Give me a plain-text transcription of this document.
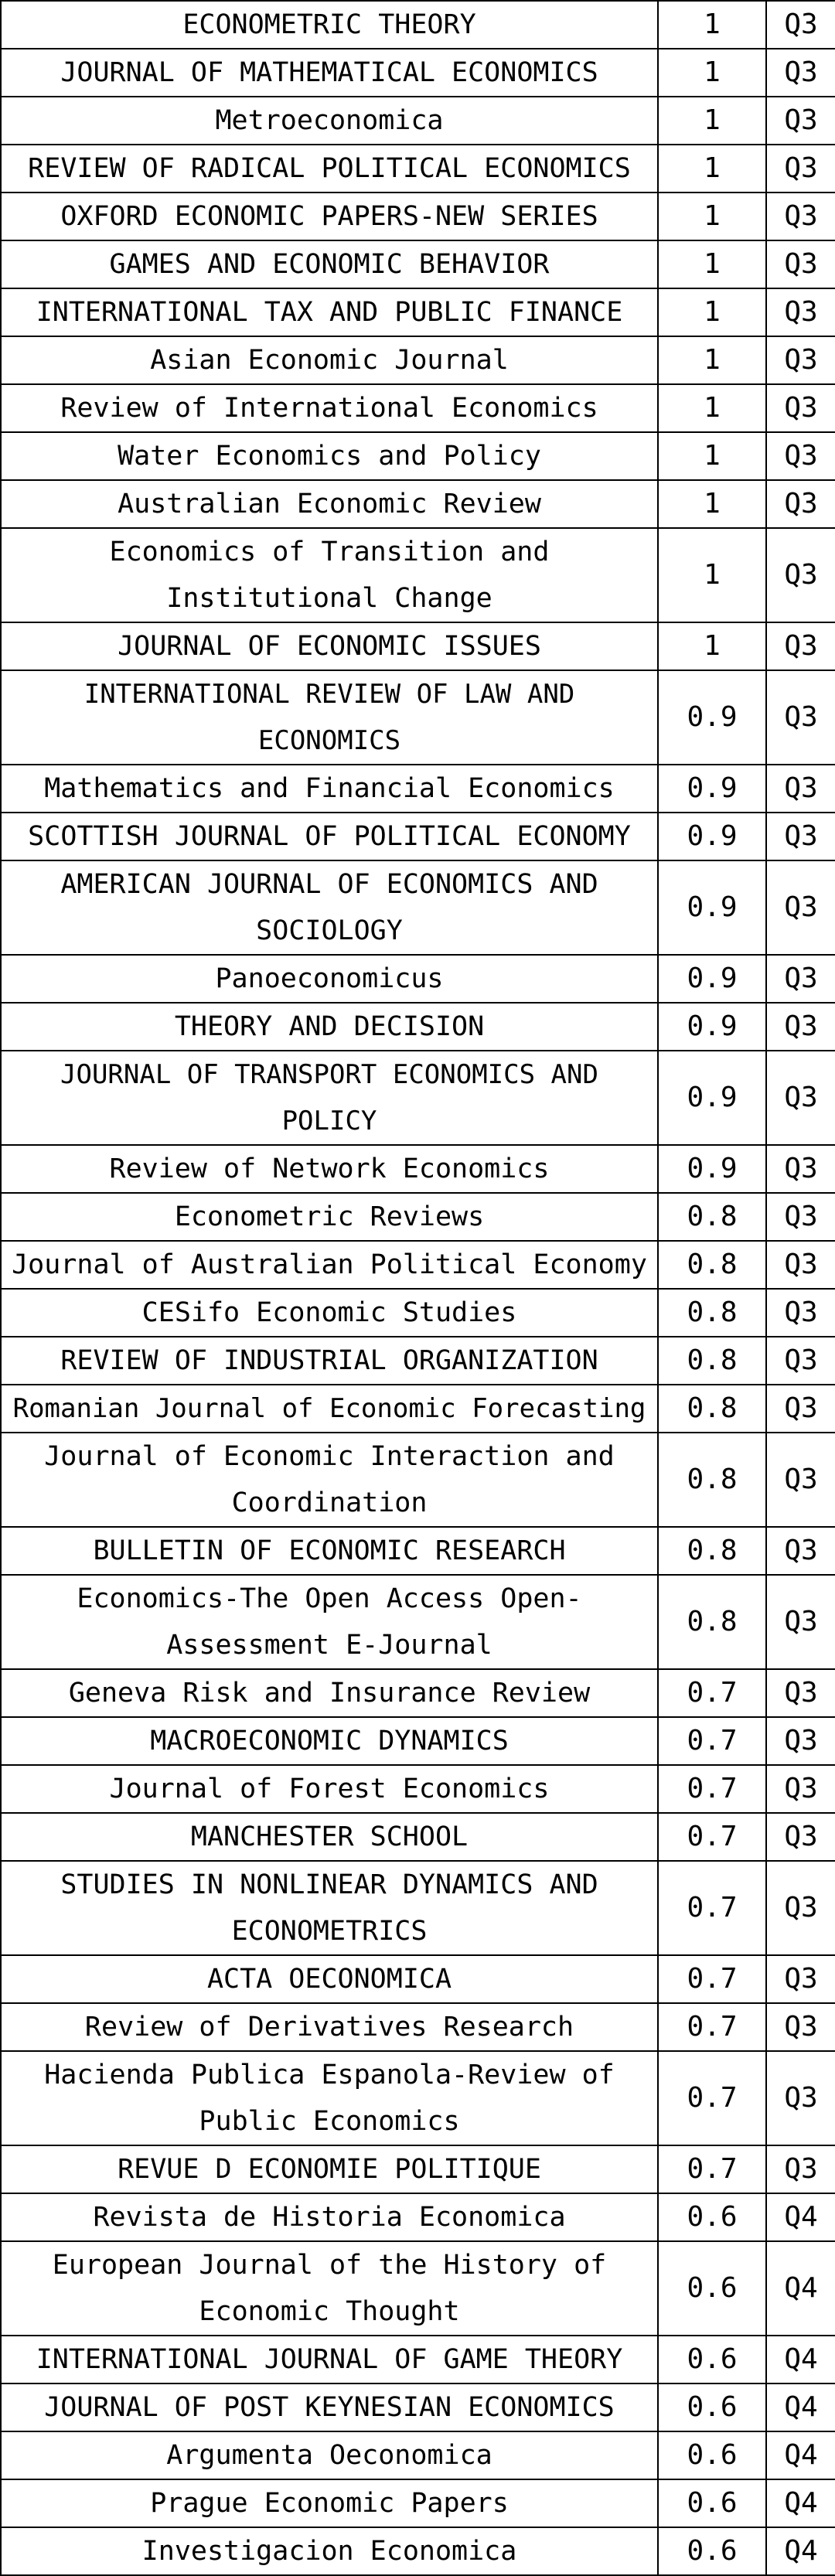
ECONOMETRIC THEORY	1	Q3
JOURNAL OF MATHEMATICAL ECONOMICS	1	Q3
Metroeconomica	1	Q3
REVIEW OF RADICAL POLITICAL ECONOMICS	1	Q3
OXFORD ECONOMIC PAPERS-NEW SERIES	1	Q3
GAMES AND ECONOMIC BEHAVIOR	1	Q3
INTERNATIONAL TAX AND PUBLIC FINANCE	1	Q3
Asian Economic Journal	1	Q3
Review of International Economics	1	Q3
Water Economics and Policy	1	Q3
Australian Economic Review	1	Q3
Economics of Transition and Institutional Change	1	Q3
JOURNAL OF ECONOMIC ISSUES	1	Q3
INTERNATIONAL REVIEW OF LAW AND ECONOMICS	0.9	Q3
Mathematics and Financial Economics	0.9	Q3
SCOTTISH JOURNAL OF POLITICAL ECONOMY	0.9	Q3
AMERICAN JOURNAL OF ECONOMICS AND SOCIOLOGY	0.9	Q3
Panoeconomicus	0.9	Q3
THEORY AND DECISION	0.9	Q3
JOURNAL OF TRANSPORT ECONOMICS AND POLICY	0.9	Q3
Review of Network Economics	0.9	Q3
Econometric Reviews	0.8	Q3
Journal of Australian Political Economy	0.8	Q3
CESifo Economic Studies	0.8	Q3
REVIEW OF INDUSTRIAL ORGANIZATION	0.8	Q3
Romanian Journal of Economic Forecasting	0.8	Q3
Journal of Economic Interaction and Coordination	0.8	Q3
BULLETIN OF ECONOMIC RESEARCH	0.8	Q3
Economics-The Open Access Open-Assessment E-Journal	0.8	Q3
Geneva Risk and Insurance Review	0.7	Q3
MACROECONOMIC DYNAMICS	0.7	Q3
Journal of Forest Economics	0.7	Q3
MANCHESTER SCHOOL	0.7	Q3
STUDIES IN NONLINEAR DYNAMICS AND ECONOMETRICS	0.7	Q3
ACTA OECONOMICA	0.7	Q3
Review of Derivatives Research	0.7	Q3
Hacienda Publica Espanola-Review of Public Economics	0.7	Q3
REVUE D ECONOMIE POLITIQUE	0.7	Q3
Revista de Historia Economica	0.6	Q4
European Journal of the History of Economic Thought	0.6	Q4
INTERNATIONAL JOURNAL OF GAME THEORY	0.6	Q4
JOURNAL OF POST KEYNESIAN ECONOMICS	0.6	Q4
Argumenta Oeconomica	0.6	Q4
Prague Economic Papers	0.6	Q4
Investigacion Economica	0.6	Q4
